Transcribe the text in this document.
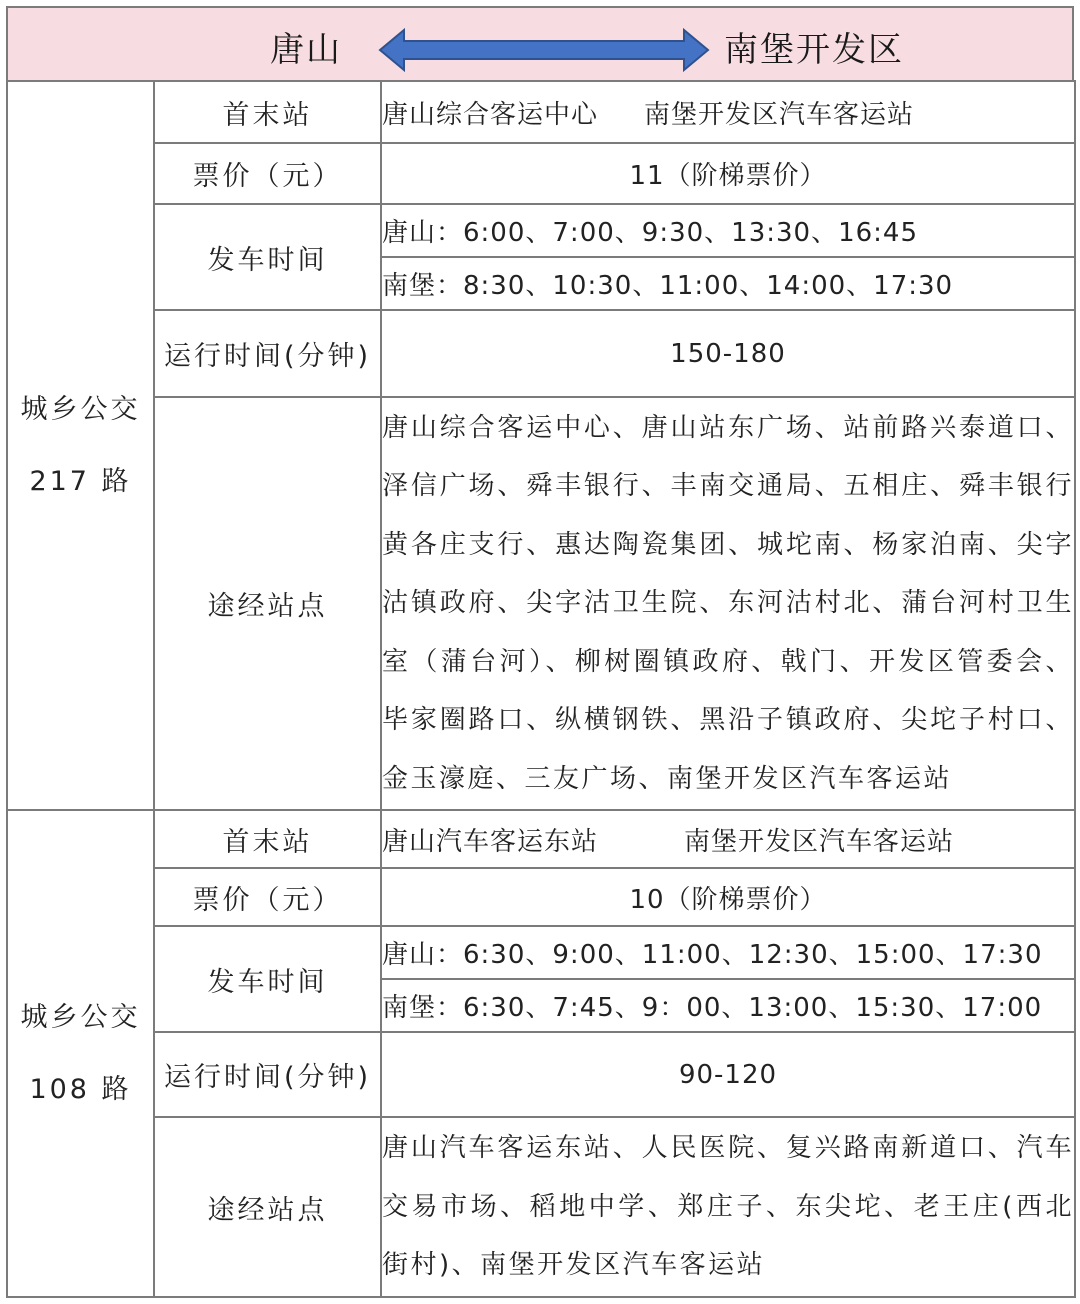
唐山	南堡开发区
城乡公交
217 路	首末站	唐山综合客运中心 南堡开发区汽车客运站
	票价（元）	11（阶梯票价）
	发车时间	唐山：6:00、7:00、9:30、13:30、16:45
		南堡：8:30、10:30、11:00、14:00、17:30
	运行时间(分钟)	150-180
	途经站点	唐山综合客运中心、唐山站东广场、站前路兴泰道口、泽信广场、舜丰银行、丰南交通局、五相庄、舜丰银行黄各庄支行、惠达陶瓷集团、城坨南、杨家泊南、尖字沽镇政府、尖字沽卫生院、东河沽村北、蒲台河村卫生室（蒲台河）、柳树圈镇政府、戟门、开发区管委会、毕家圈路口、纵横钢铁、黑沿子镇政府、尖坨子村口、金玉濠庭、三友广场、南堡开发区汽车客运站

城乡公交
108 路	首末站	唐山汽车客运东站 南堡开发区汽车客运站
	票价（元）	10（阶梯票价）
	发车时间	唐山：6:30、9:00、11:00、12:30、15:00、17:30
		南堡：6:30、7:45、9：00、13:00、15:30、17:00
	运行时间(分钟)	90-120
	途经站点	唐山汽车客运东站、人民医院、复兴路南新道口、汽车交易市场、稻地中学、郑庄子、东尖坨、老王庄(西北街村)、南堡开发区汽车客运站
